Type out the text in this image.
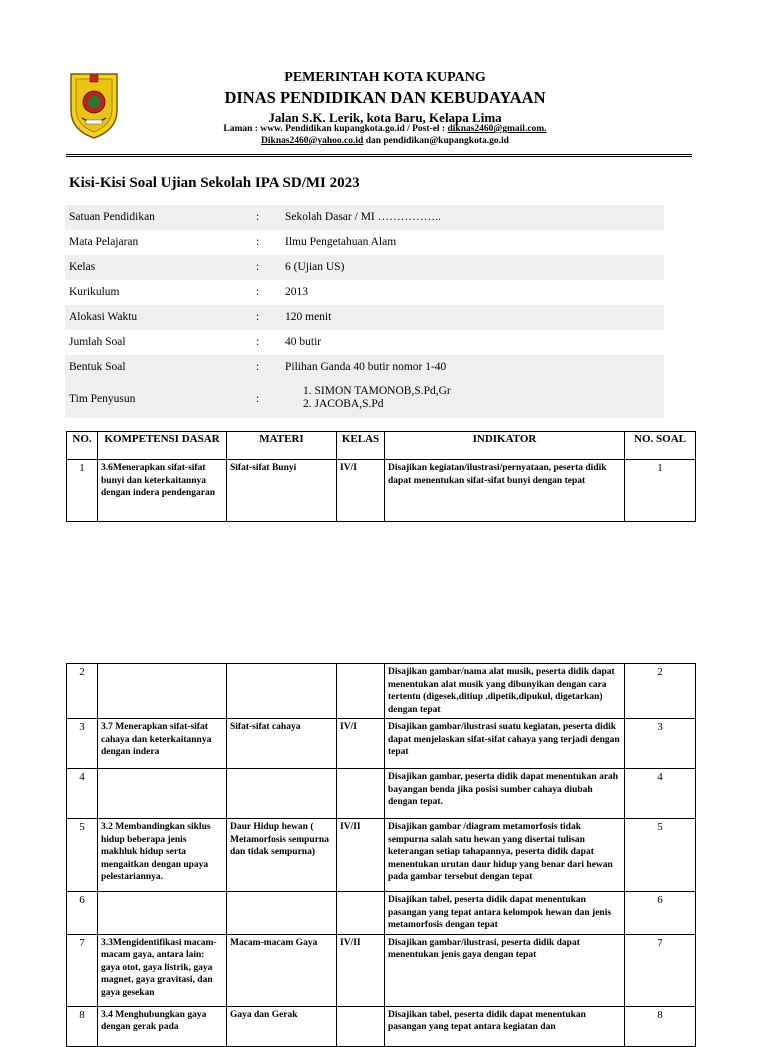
PEMERINTAH KOTA KUPANG
DINAS PENDIDIKAN DAN KEBUDAYAAN
Jalan S.K. Lerik, kota Baru, Kelapa Lima
Laman : www. Pendidikan kupangkota.go.id / Post-el : diknas2460@gmail.com.
Diknas2460@yahoo.co.id dan pendidikan@kupangkota.go.id
Kisi-Kisi Soal Ujian Sekolah IPA SD/MI 2023
Satuan Pendidikan	: Sekolah Dasar / MI ……………..
Mata Pelajaran	: Ilmu Pengetahuan Alam
Kelas	: 6 (Ujian US)
Kurikulum	: 2013
Alokasi Waktu	: 120 menit
Jumlah Soal	: 40 butir
Bentuk Soal	: Pilihan Ganda 40 butir nomor 1-40
Tim Penyusun	:
1. SIMON TAMONOB,S.Pd,Gr
2. JACOBA,S.Pd
NO.	KOMPETENSI DASAR	MATERI	KELAS	INDIKATOR	NO. SOAL
1	3.6Menerapkan sifat-sifat bunyi dan keterkaitannya dengan indera pendengaran	Sifat-sifat Bunyi	IV/I	Disajikan kegiatan/ilustrasi/pernyataan, peserta didik dapat menentukan sifat-sifat bunyi dengan tepat	1
2				Disajikan gambar/nama alat musik, peserta didik dapat menentukan alat musik yang dibunyikan dengan cara tertentu (digesek,ditiup ,dipetik,dipukul, digetarkan) dengan tepat	2
3	3.7 Menerapkan sifat-sifat cahaya dan keterkaitannya dengan indera	Sifat-sifat cahaya	IV/I	Disajikan gambar/ilustrasi suatu kegiatan, peserta didik dapat menjelaskan sifat-sifat cahaya yang terjadi dengan tepat	3
4				Disajikan gambar, peserta didik dapat menentukan arah bayangan benda jika posisi sumber cahaya diubah dengan tepat.	4
5	3.2 Membandingkan siklus hidup beberapa jenis makhluk hidup serta mengaitkan dengan upaya pelestariannya.	Daur Hidup hewan ( Metamorfosis sempurna dan tidak sempurna)	IV/II	Disajikan gambar /diagram metamorfosis tidak sempurna salah satu hewan yang disertai tulisan keterangan setiap tahapannya, peserta didik dapat menentukan urutan daur hidup yang benar dari hewan pada gambar tersebut dengan tepat	5
6				Disajikan tabel, peserta didik dapat menentukan pasangan yang tepat antara kelompok hewan dan jenis metamorfosis dengan tepat	6
7	3.3Mengidentifikasi macam-macam gaya, antara lain: gaya otot, gaya listrik, gaya magnet, gaya gravitasi, dan gaya gesekan	Macam-macam Gaya	IV/II	Disajikan gambar/ilustrasi, peserta didik dapat menentukan jenis gaya dengan tepat	7
8	3.4 Menghubungkan gaya dengan gerak pada	Gaya dan Gerak		Disajikan tabel, peserta didik dapat menentukan pasangan yang tepat antara kegiatan dan	8
